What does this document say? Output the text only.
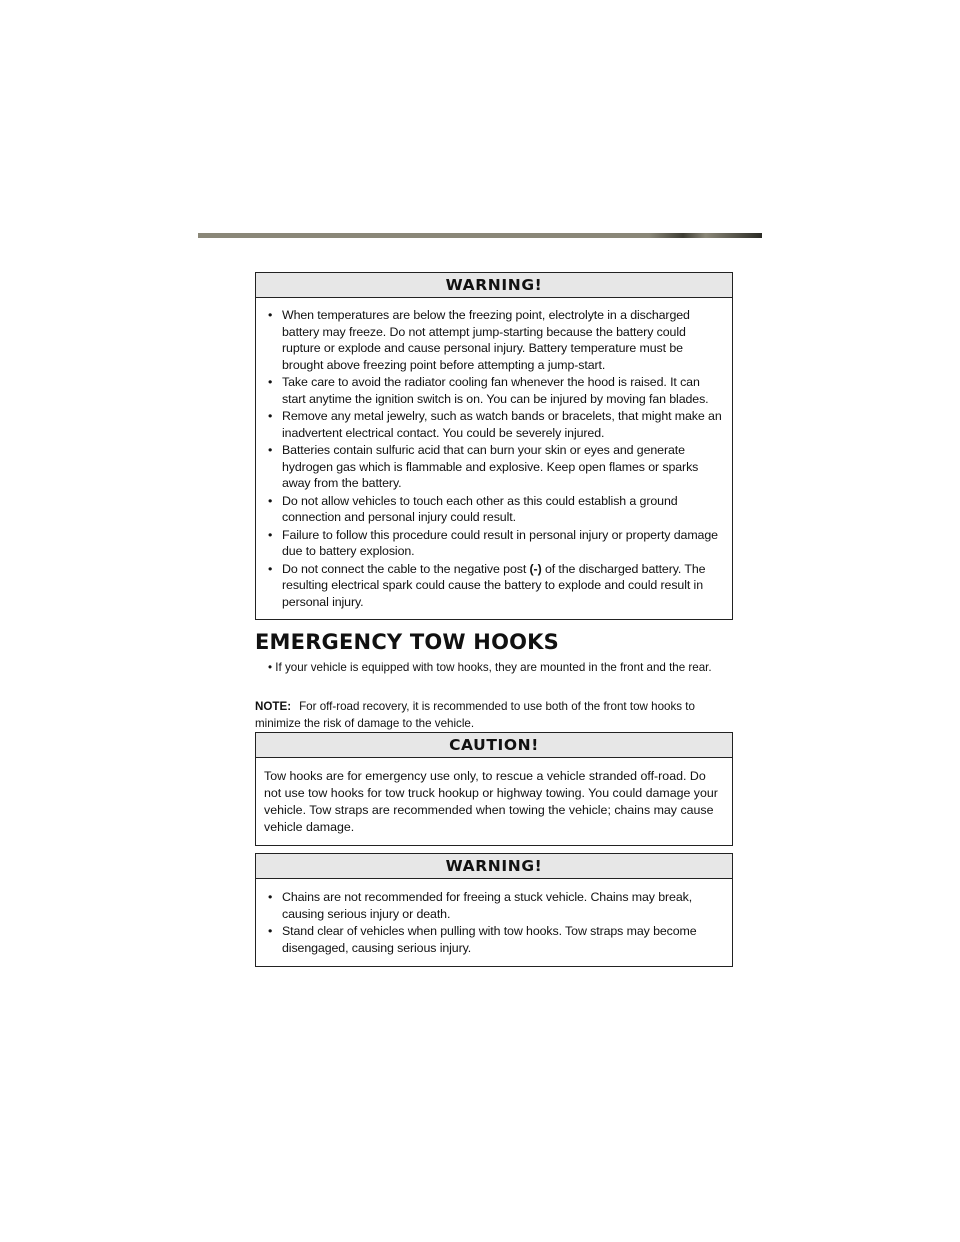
WARNING!
• When temperatures are below the freezing point, electrolyte in a discharged battery may freeze. Do not attempt jump-starting because the battery could rupture or explode and cause personal injury. Battery temperature must be brought above freezing point before attempting a jump-start.
• Take care to avoid the radiator cooling fan whenever the hood is raised. It can start anytime the ignition switch is on. You can be injured by moving fan blades.
• Remove any metal jewelry, such as watch bands or bracelets, that might make an inadvertent electrical contact. You could be severely injured.
• Batteries contain sulfuric acid that can burn your skin or eyes and generate hydrogen gas which is flammable and explosive. Keep open flames or sparks away from the battery.
• Do not allow vehicles to touch each other as this could establish a ground connection and personal injury could result.
• Failure to follow this procedure could result in personal injury or property damage due to battery explosion.
• Do not connect the cable to the negative post (-) of the discharged battery. The resulting electrical spark could cause the battery to explode and could result in personal injury.
EMERGENCY TOW HOOKS
• If your vehicle is equipped with tow hooks, they are mounted in the front and the rear.

NOTE: For off-road recovery, it is recommended to use both of the front tow hooks to minimize the risk of damage to the vehicle.

CAUTION!

Tow hooks are for emergency use only, to rescue a vehicle stranded off-road. Do not use tow hooks for tow truck hookup or highway towing. You could damage your vehicle. Tow straps are recommended when towing the vehicle; chains may cause vehicle damage.

WARNING!
• Chains are not recommended for freeing a stuck vehicle. Chains may break, causing serious injury or death.
• Stand clear of vehicles when pulling with tow hooks. Tow straps may become disengaged, causing serious injury.
